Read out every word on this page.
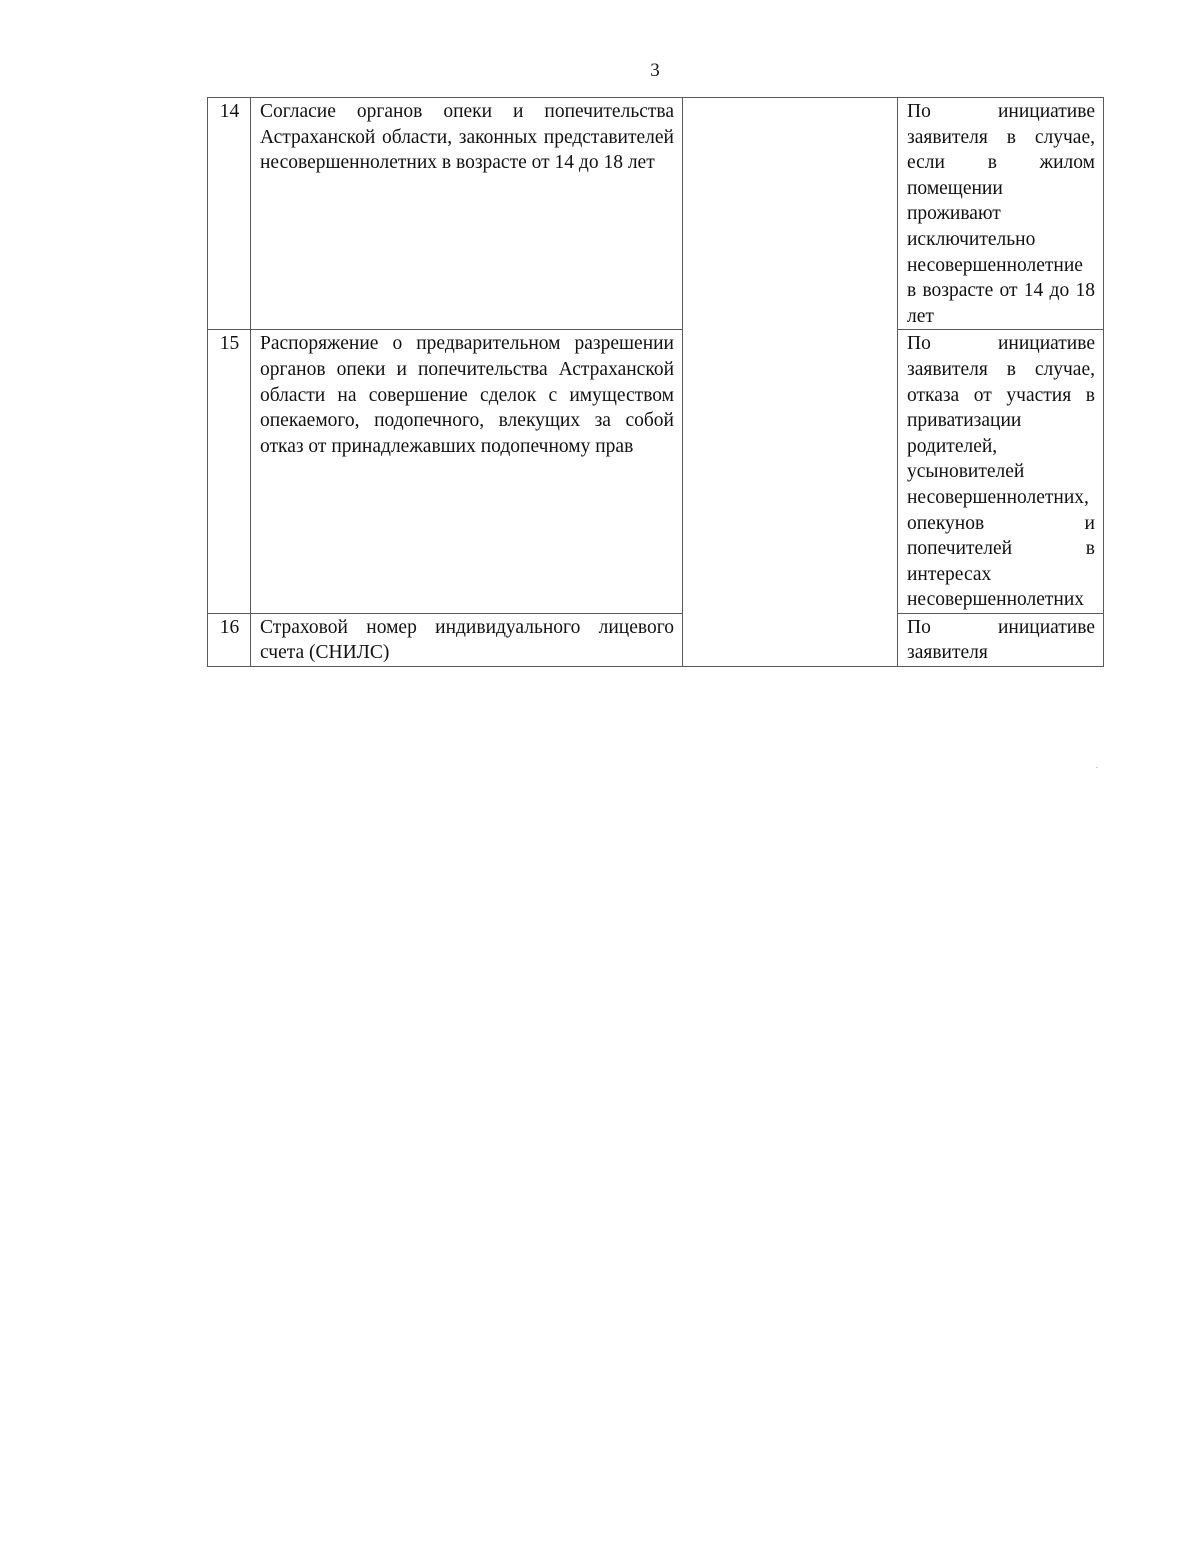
3
14	Согласие органов опеки и попечительства Астраханской области, законных представителей несовершеннолетних в возрасте от 14 до 18 лет		По инициативе заявителя в случае, если в жилом помещении проживают исключительно несовершеннолетние в возрасте от 14 до 18 лет
15	Распоряжение о предварительном разрешении органов опеки и попечительства Астраханской области на совершение сделок с имуществом опекаемого, подопечного, влекущих за собой отказ от принадлежавших подопечному прав		По инициативе заявителя в случае, отказа от участия в приватизации родителей, усыновителей несовершеннолетних, опекунов и попечителей в интересах несовершеннолетних
16	Страховой номер индивидуального лицевого счета (СНИЛС)		По инициативе заявителя
